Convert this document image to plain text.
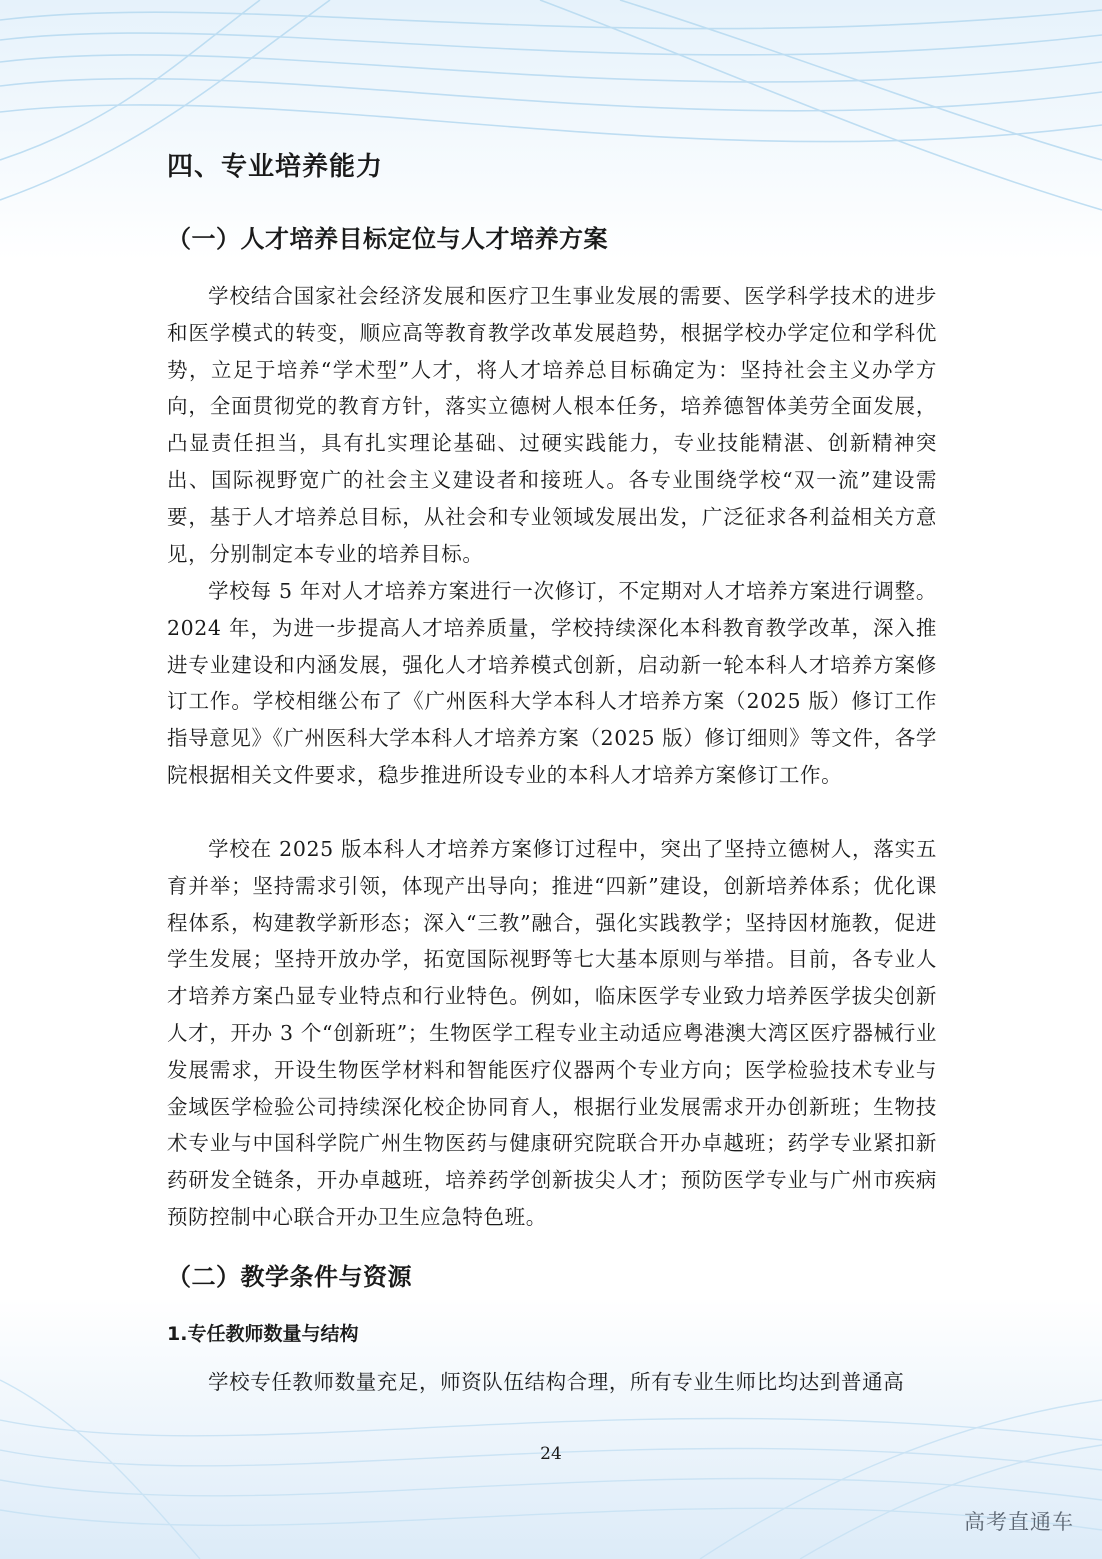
四、专业培养能力
（一）人才培养目标定位与人才培养方案

学校结合国家社会经济发展和医疗卫生事业发展的需要、医学科学技术的进步和医学模式的转变，顺应高等教育教学改革发展趋势，根据学校办学定位和学科优势，立足于培养“学术型”人才，将人才培养总目标确定为：坚持社会主义办学方向，全面贯彻党的教育方针，落实立德树人根本任务，培养德智体美劳全面发展，凸显责任担当，具有扎实理论基础、过硬实践能力，专业技能精湛、创新精神突出、国际视野宽广的社会主义建设者和接班人。各专业围绕学校“双一流”建设需要，基于人才培养总目标，从社会和专业领域发展出发，广泛征求各利益相关方意见，分别制定本专业的培养目标。

学校每 5 年对人才培养方案进行一次修订，不定期对人才培养方案进行调整。2024 年，为进一步提高人才培养质量，学校持续深化本科教育教学改革，深入推进专业建设和内涵发展，强化人才培养模式创新，启动新一轮本科人才培养方案修订工作。学校相继公布了《广州医科大学本科人才培养方案（2025 版）修订工作指导意见》《广州医科大学本科人才培养方案（2025 版）修订细则》等文件，各学院根据相关文件要求，稳步推进所设专业的本科人才培养方案修订工作。

学校在 2025 版本科人才培养方案修订过程中，突出了坚持立德树人，落实五育并举；坚持需求引领，体现产出导向；推进“四新”建设，创新培养体系；优化课程体系，构建教学新形态；深入“三教”融合，强化实践教学；坚持因材施教，促进学生发展；坚持开放办学，拓宽国际视野等七大基本原则与举措。目前，各专业人才培养方案凸显专业特点和行业特色。例如，临床医学专业致力培养医学拔尖创新人才，开办 3 个“创新班”；生物医学工程专业主动适应粤港澳大湾区医疗器械行业发展需求，开设生物医学材料和智能医疗仪器两个专业方向；医学检验技术专业与金域医学检验公司持续深化校企协同育人，根据行业发展需求开办创新班；生物技术专业与中国科学院广州生物医药与健康研究院联合开办卓越班；药学专业紧扣新药研发全链条，开办卓越班，培养药学创新拔尖人才；预防医学专业与广州市疾病预防控制中心联合开办卫生应急特色班。

（二）教学条件与资源
1.专任教师数量与结构

学校专任教师数量充足，师资队伍结构合理，所有专业生师比均达到普通高

24

高考直通车
